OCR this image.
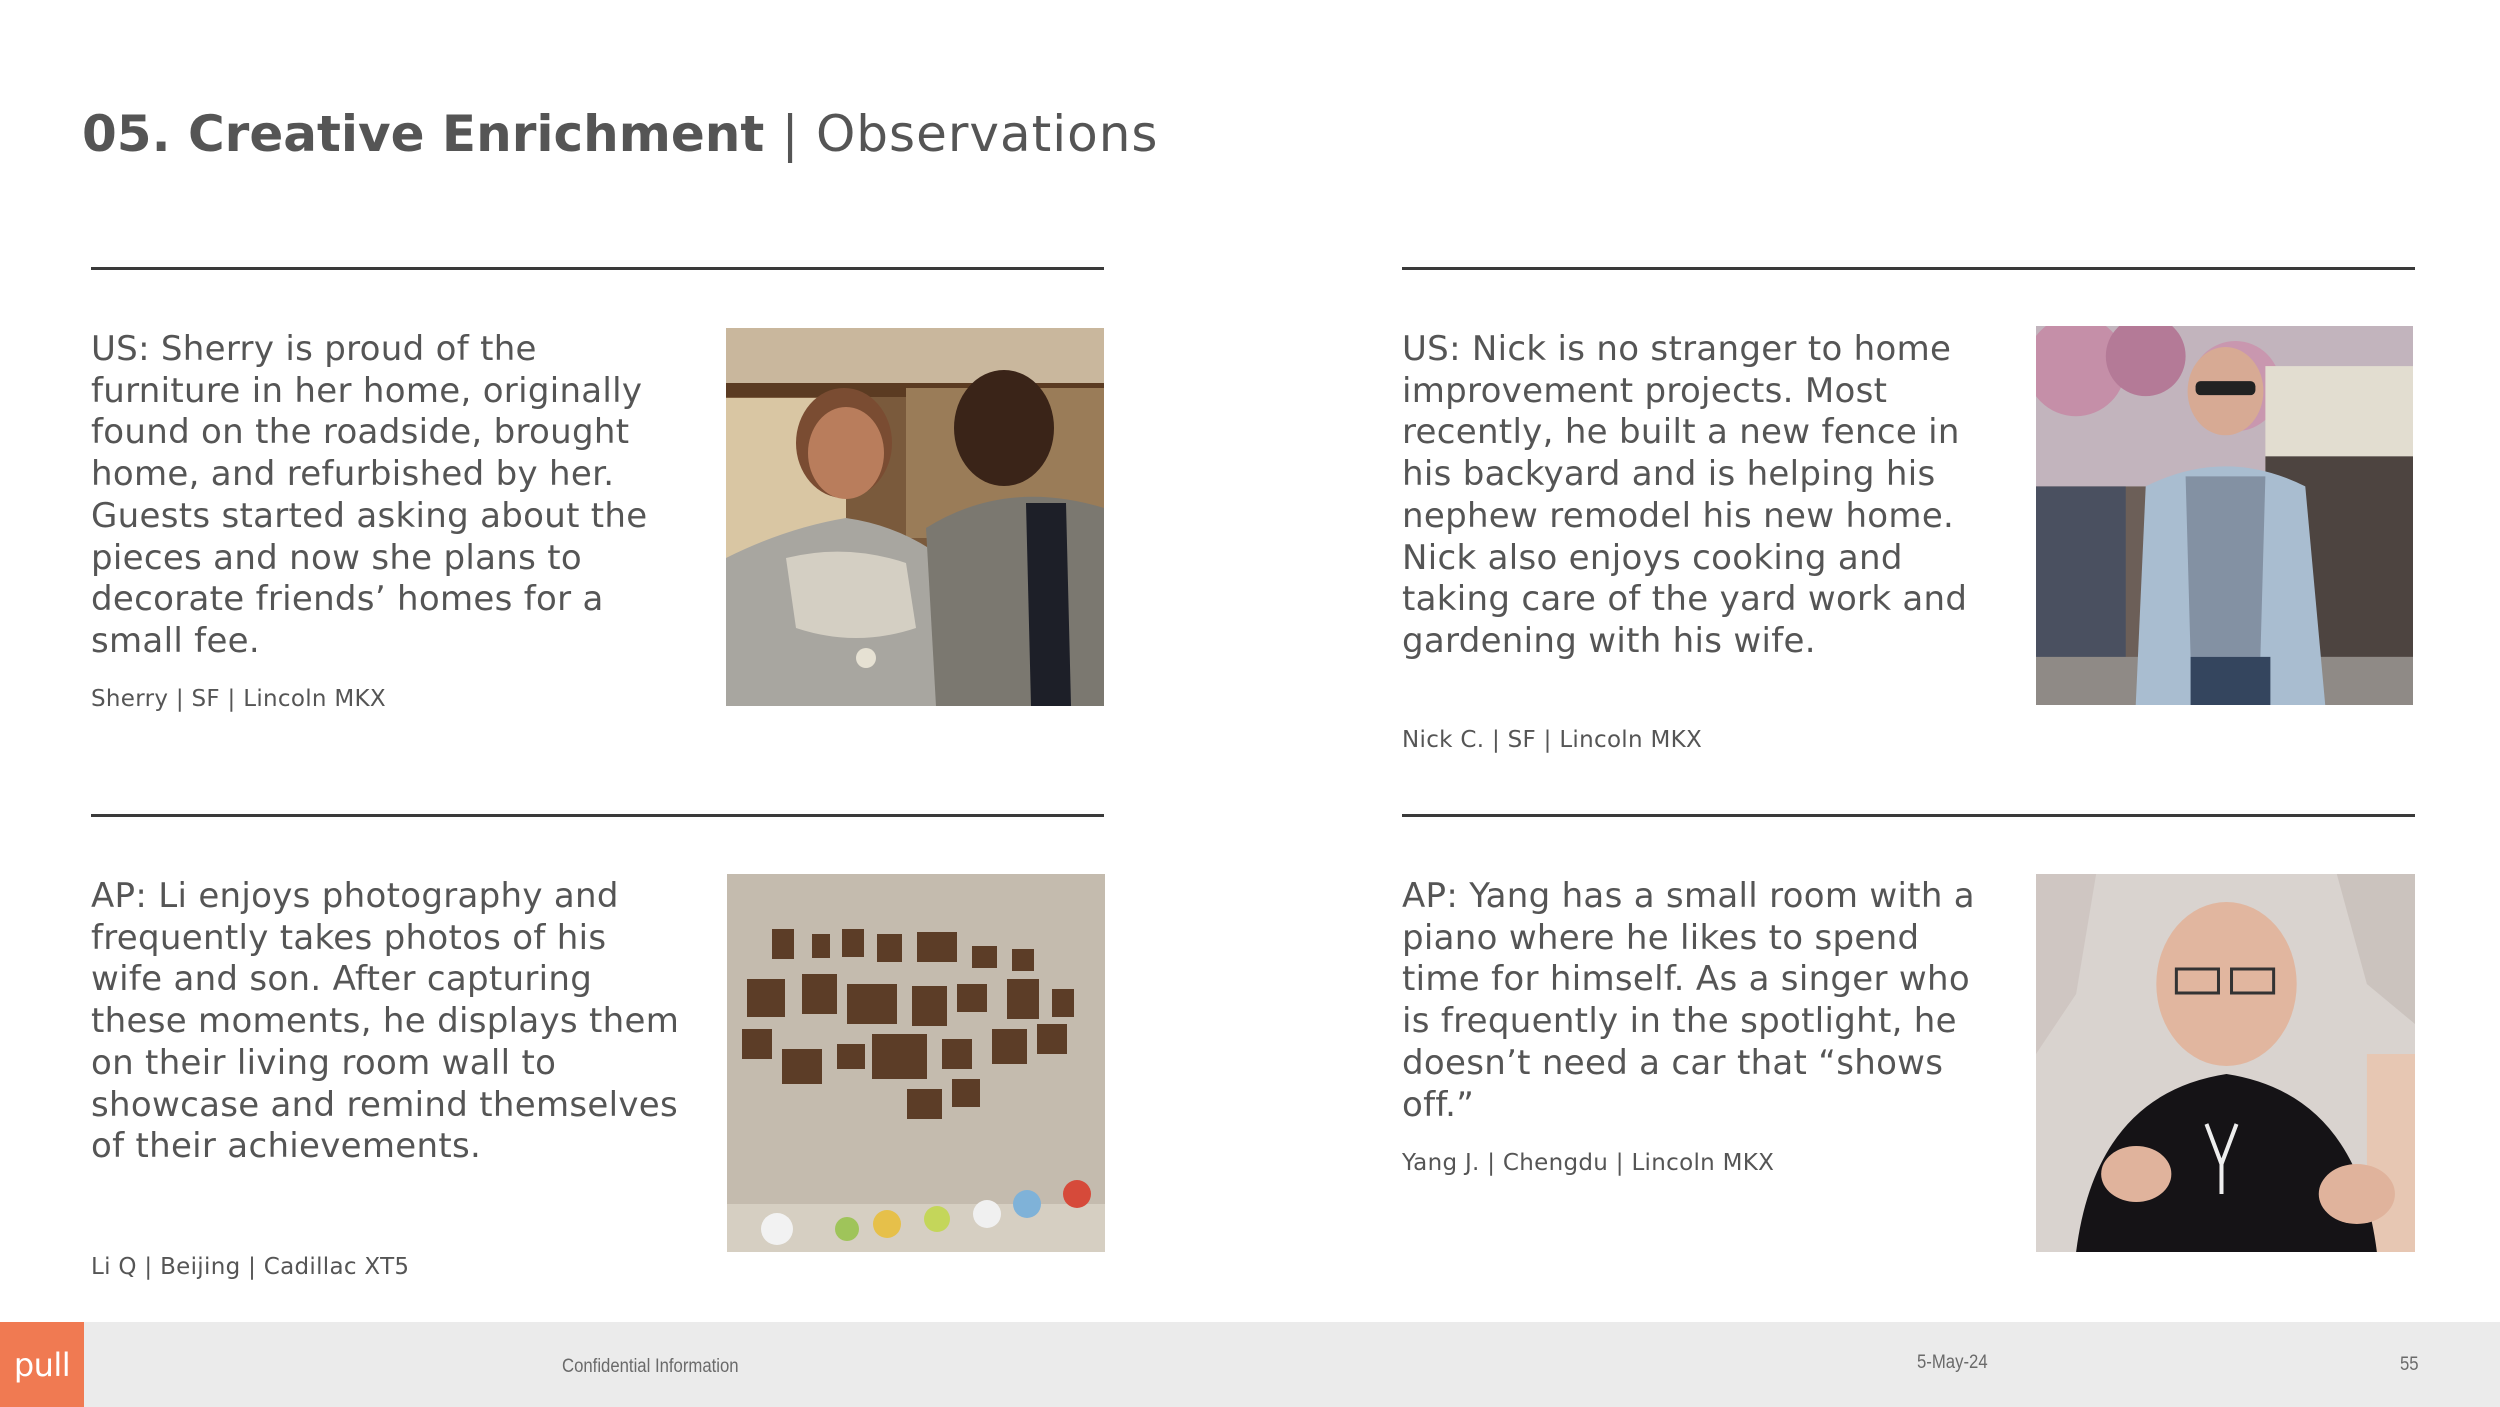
05. Creative Enrichment | Observations

US: Sherry is proud of the furniture in her home, originally found on the roadside, brought home, and refurbished by her. Guests started asking about the pieces and now she plans to decorate friends’ homes for a small fee.

Sherry | SF | Lincoln MKX

US: Nick is no stranger to home improvement projects. Most recently, he built a new fence in his backyard and is helping his nephew remodel his new home. Nick also enjoys cooking and taking care of the yard work and gardening with his wife.

Nick C. | SF | Lincoln MKX

AP: Li enjoys photography and frequently takes photos of his wife and son. After capturing these moments, he displays them on their living room wall to showcase and remind themselves of their achievements.

Li Q | Beijing | Cadillac XT5

AP: Yang has a small room with a piano where he likes to spend time for himself. As a singer who is frequently in the spotlight, he doesn’t need a car that “shows off.”

Yang J. | Chengdu | Lincoln MKX
pull	Confidential Information	5-May-24	55
